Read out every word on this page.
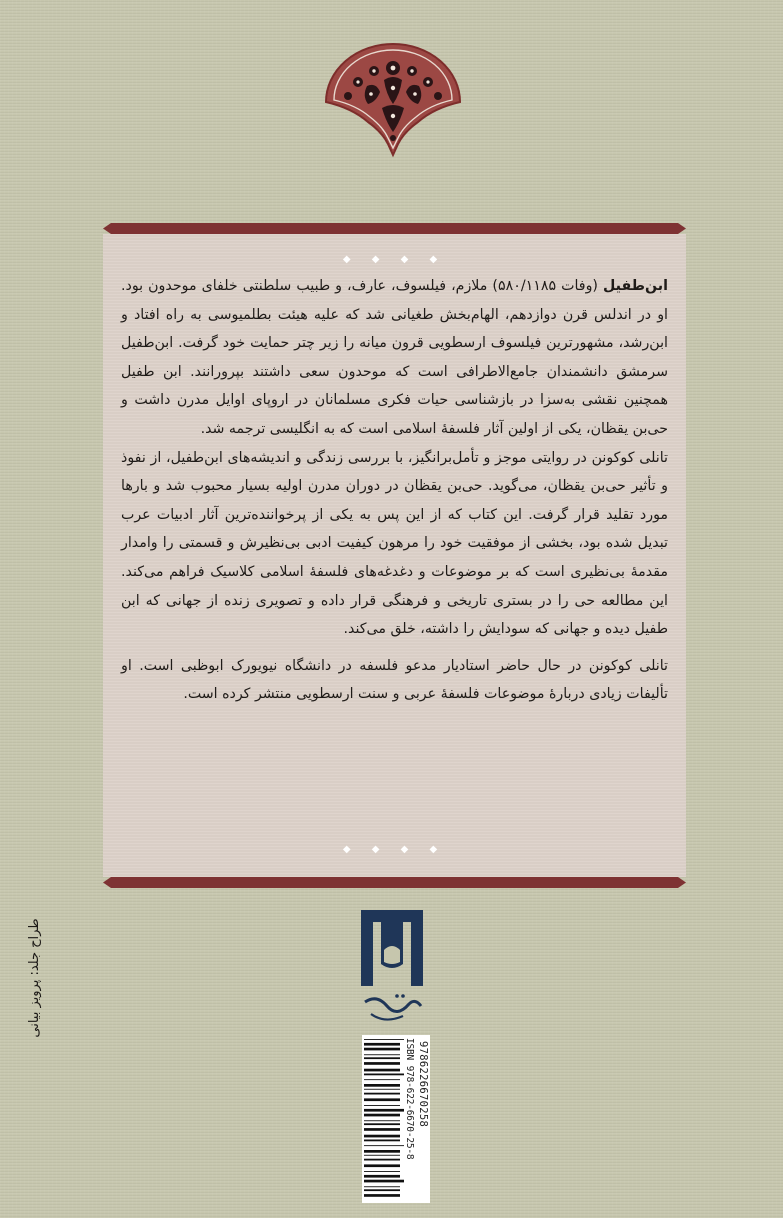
◆ ◆ ◆ ◆

ابن‌طفیل (وفات ۵۸۰/۱۱۸۵) ملازم، فیلسوف، عارف، و طبیب سلطنتی خلفای موحدون بود. او در اندلس قرن دوازدهم، الهام‌بخش طغیانی شد که علیه هیئت بطلمیوسی به راه افتاد و ابن‌رشد، مشهورترین فیلسوف ارسطویی قرون میانه را زیر چتر حمایت خود گرفت. ابن‌طفیل سرمشق دانشمندان جامع‌الاطرافی است که موحدون سعی داشتند بپرورانند. ابن طفیل همچنین نقشی به‌سزا در بازشناسی حیات فکری مسلمانان در اروپای اوایل مدرن داشت و حی‌بن یقظان، یکی از اولین آثار فلسفهٔ اسلامی است که به انگلیسی ترجمه شد.

تانلی کوکونن در روایتی موجز و تأمل‌برانگیز، با بررسی زندگی و اندیشه‌های ابن‌طفیل، از نفوذ و تأثیر حی‌بن یقظان، می‌گوید. حی‌بن یقظان در دوران مدرن اولیه بسیار محبوب شد و بارها مورد تقلید قرار گرفت. این کتاب که از این پس به یکی از پرخواننده‌ترین آثار ادبیات عرب تبدیل شده بود، بخشی از موفقیت خود را مرهون کیفیت ادبی بی‌نظیرش و قسمتی را وامدار مقدمهٔ بی‌نظیری است که بر موضوعات و دغدغه‌های فلسفهٔ اسلامی کلاسیک فراهم می‌کند. این مطالعه حی را در بستری تاریخی و فرهنگی قرار داده و تصویری زنده از جهانی که ابن طفیل دیده و جهانی که سودایش را داشته، خلق می‌کند.

تانلی کوکونن در حال حاضر استادیار مدعو فلسفه در دانشگاه نیویورک ابوظبی است. او تألیفات زیادی دربارهٔ موضوعات فلسفهٔ عربی و سنت ارسطویی منتشر کرده است.

◆ ◆ ◆ ◆
طراح جلد: پرویز بیانی
نشرنامک
ISBN 978-622-6670-25-8 9786226670258
